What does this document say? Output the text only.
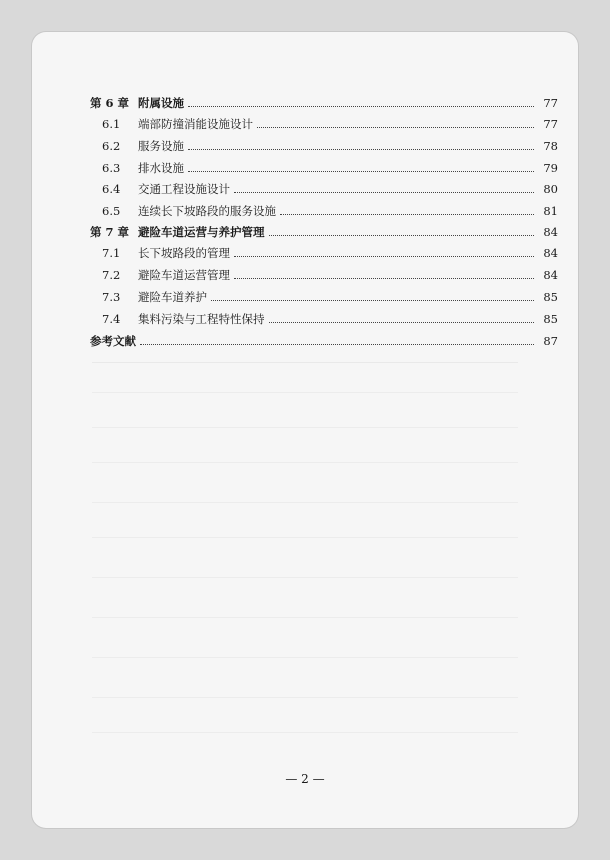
第 6 章 附属设施	77
6.1	端部防撞消能设施设计	77
6.2	服务设施	78
6.3	排水设施	79
6.4	交通工程设施设计	80
6.5	连续长下坡路段的服务设施	81
第 7 章 避险车道运营与养护管理	84
7.1	长下坡路段的管理	84
7.2	避险车道运营管理	84
7.3	避险车道养护	85
7.4	集料污染与工程特性保持	85
参考文献	87
— 2 —
